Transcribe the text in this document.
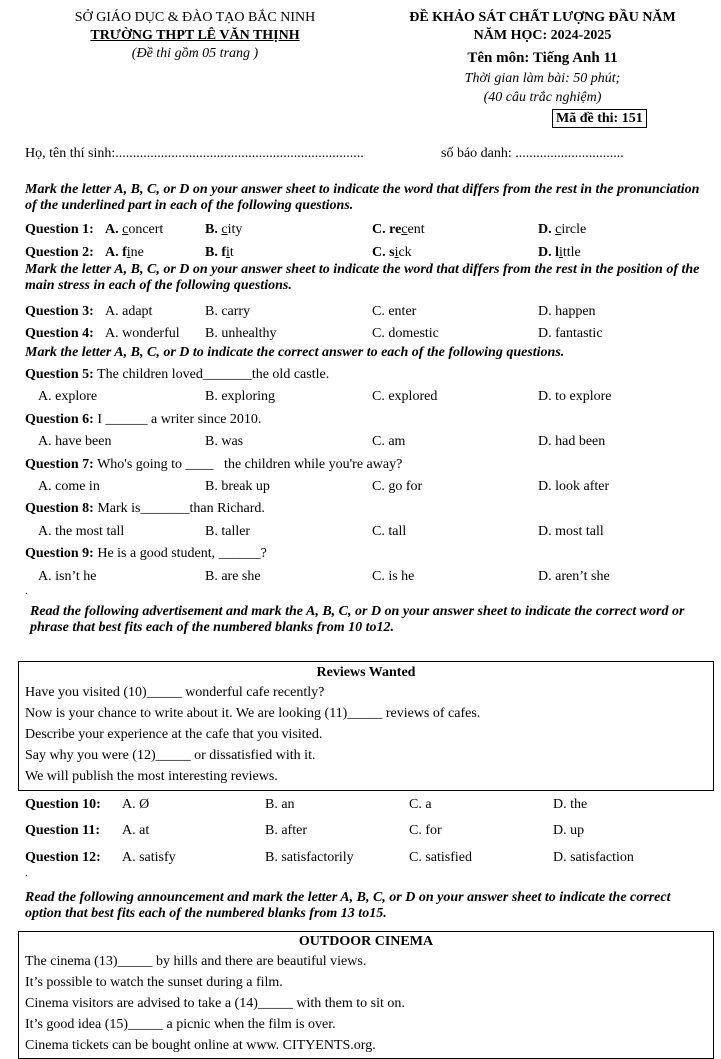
SỞ GIÁO DỤC & ĐÀO TẠO BẮC NINH
TRƯỜNG THPT LÊ VĂN THỊNH
(Đề thi gồm 05 trang )
ĐỀ KHẢO SÁT CHẤT LƯỢNG ĐẦU NĂM
NĂM HỌC: 2024-2025
Tên môn: Tiếng Anh 11
Thời gian làm bài: 50 phút;
(40 câu trắc nghiệm)
Mã đề thi: 151
Họ, tên thí sinh:.......................................................................	số báo danh: ...............................
Mark the letter A, B, C, or D on your answer sheet to indicate the word that differs from the rest in the pronunciation of the underlined part in each of the following questions.
Question 1: A. concert	B. city	C. recent	D. circle
Question 2: A. fine	B. fit	C. sick	D. little
Mark the letter A, B, C, or D on your answer sheet to indicate the word that differs from the rest in the position of the main stress in each of the following questions.
Question 3: A. adapt	B. carry	C. enter	D. happen
Question 4: A. wonderful B. unhealthy	C. domestic	D. fantastic
Mark the letter A, B, C, or D to indicate the correct answer to each of the following questions.
Question 5: The children loved_______the old castle.
A. explore	B. exploring	C. explored	D. to explore
Question 6: I ______ a writer since 2010.
A. have been	B. was	C. am	D. had been
Question 7: Who's going to ____   the children while you're away?
A. come in	B. break up	C. go for	D. look after
Question 8: Mark is_______than Richard.
A. the most tall	B. taller	C. tall	D. most tall
Question 9: He is a good student, ______?
A. isn’t he	B. are she	C. is he	D. aren’t she
.
Read the following advertisement and mark the A, B, C, or D on your answer sheet to indicate the correct word or phrase that best fits each of the numbered blanks from 10 to12.
Reviews Wanted
Have you visited (10)_____ wonderful cafe recently?
Now is your chance to write about it. We are looking (11)_____ reviews of cafes.
Describe your experience at the cafe that you visited.
Say why you were (12)_____ or dissatisfied with it.
We will publish the most interesting reviews.
Question 10: A. Ø	B. an	C. a	D. the
Question 11: A. at	B. after	C. for	D. up
Question 12: A. satisfy	B. satisfactorily	C. satisfied	D. satisfaction
.
Read the following announcement and mark the letter A, B, C, or D on your answer sheet to indicate the correct option that best fits each of the numbered blanks from 13 to15.
OUTDOOR CINEMA
The cinema (13)_____ by hills and there are beautiful views.
It’s possible to watch the sunset during a film.
Cinema visitors are advised to take a (14)_____ with them to sit on.
It’s good idea (15)_____ a picnic when the film is over.
Cinema tickets can be bought online at www. CITYENTS.org.
